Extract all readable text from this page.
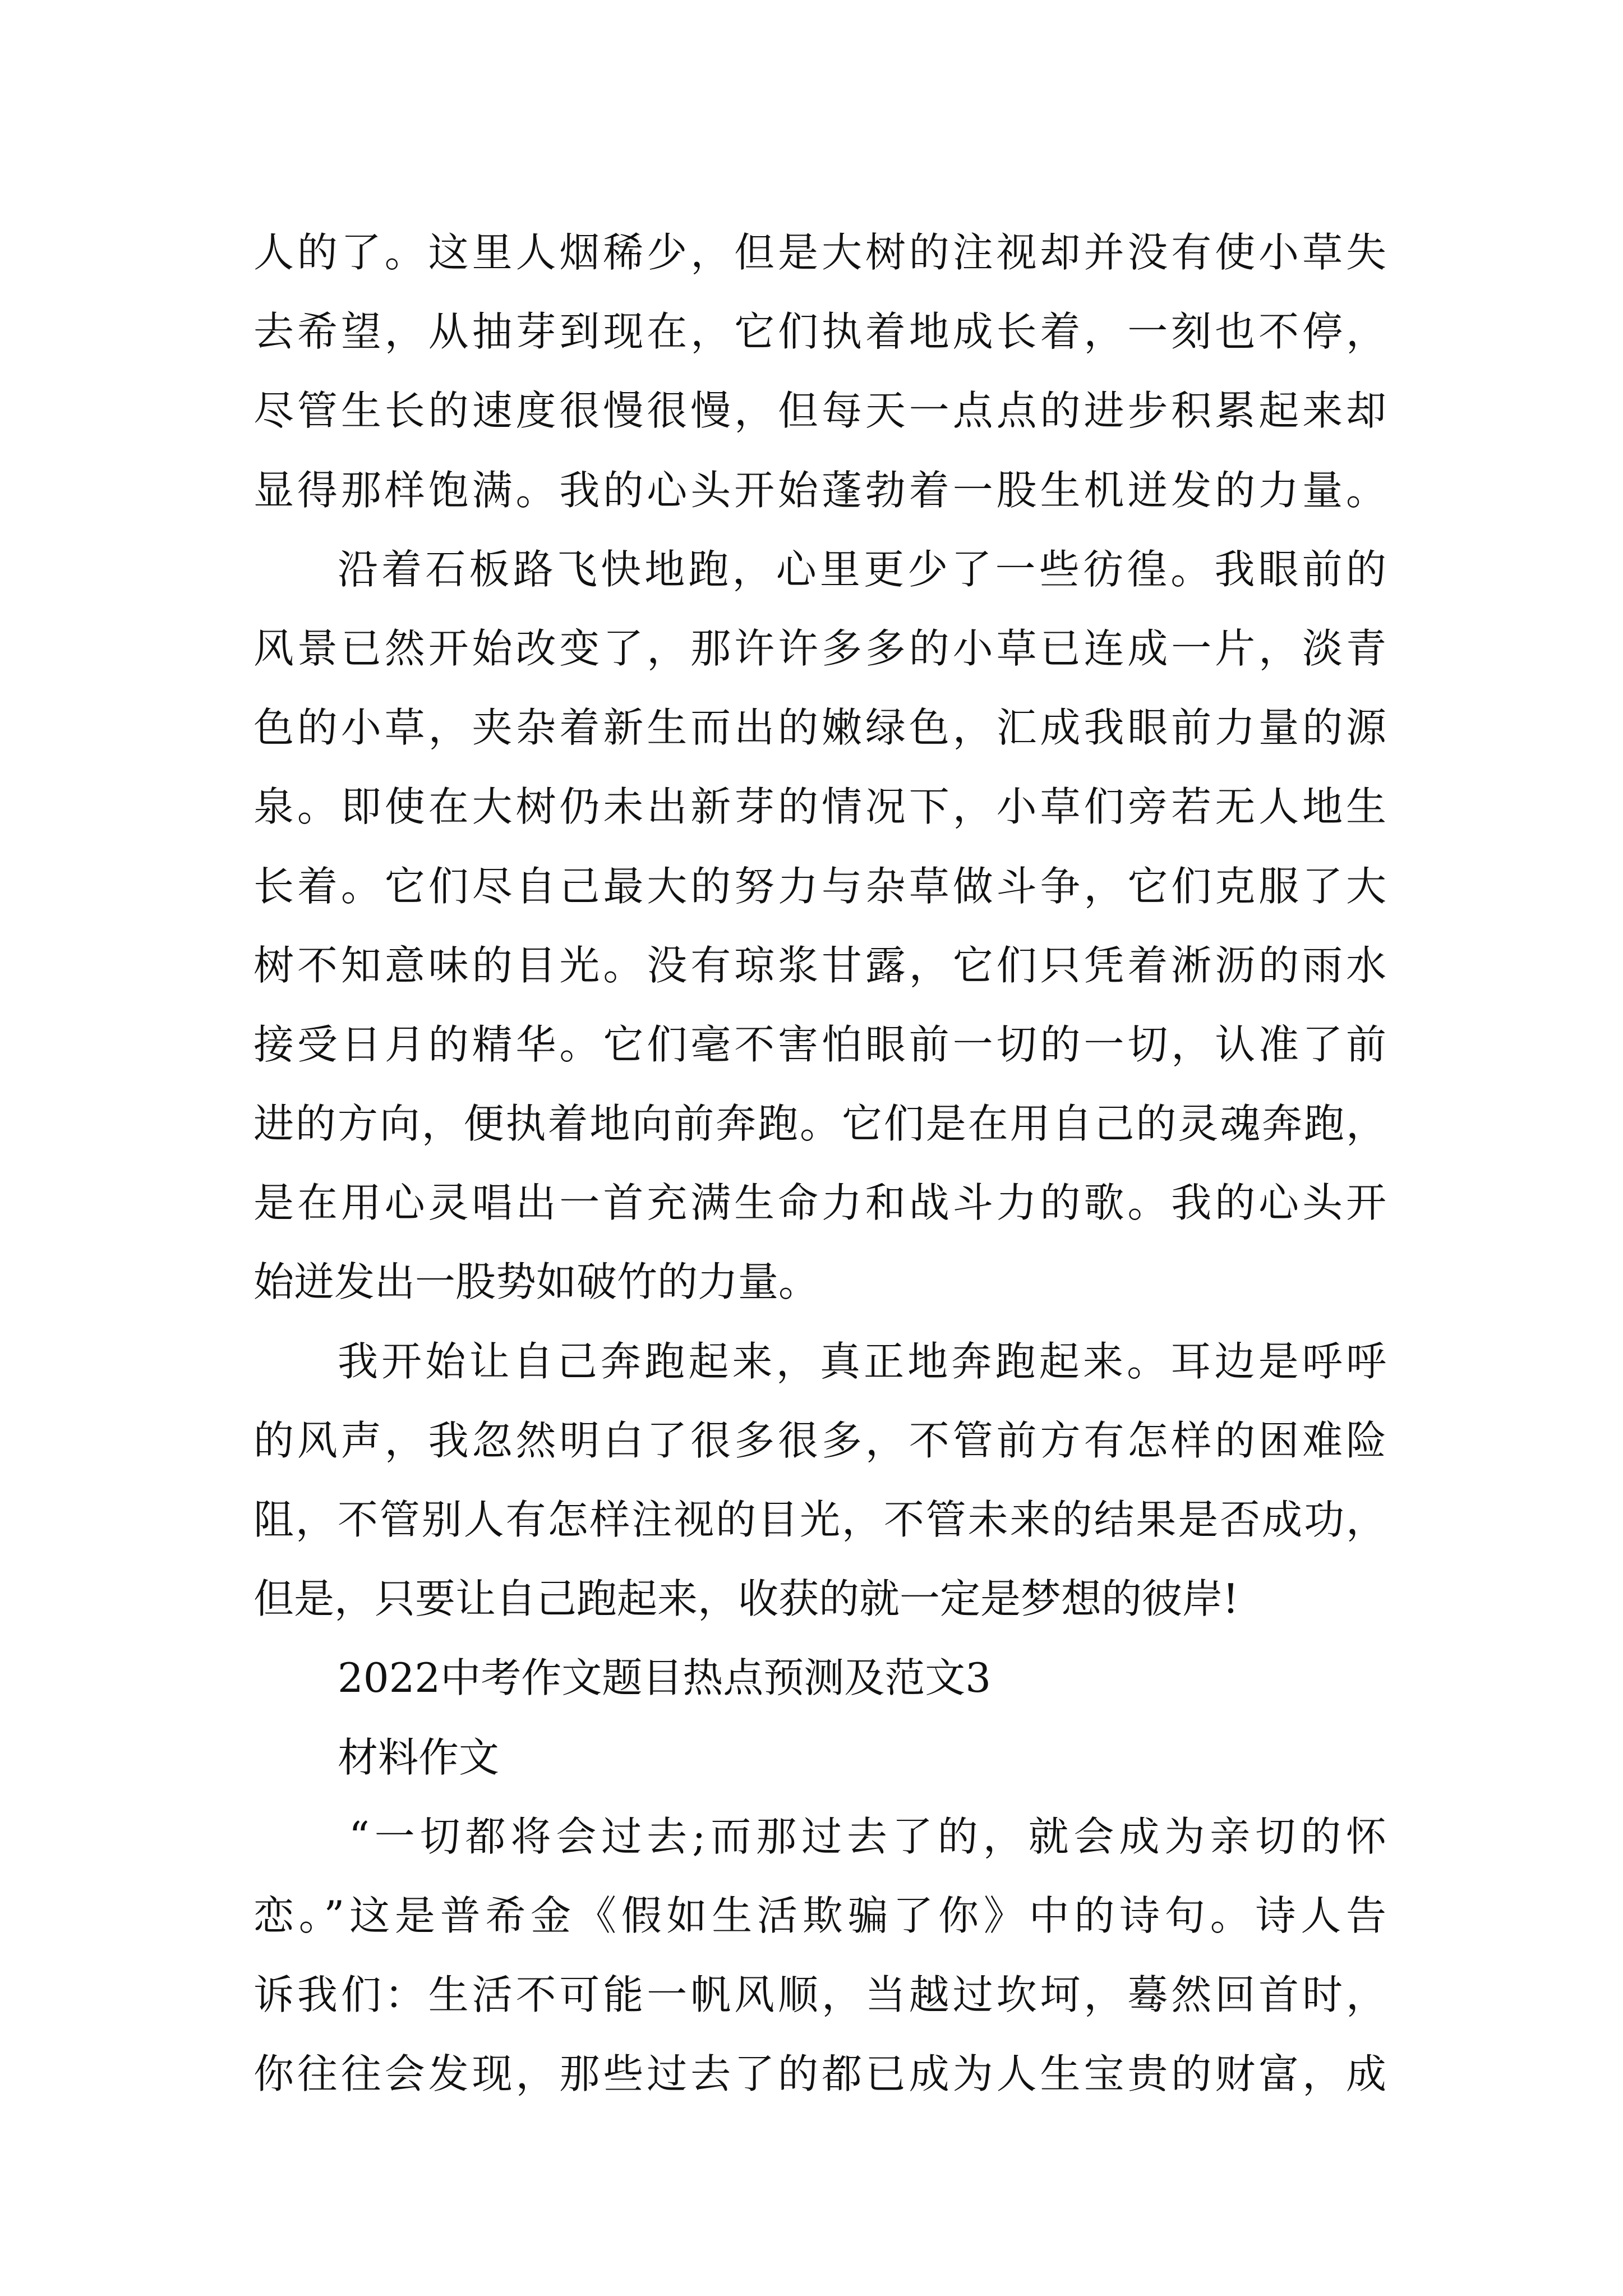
人的了。这里人烟稀少，但是大树的注视却并没有使小草失
去希望，从抽芽到现在，它们执着地成长着，一刻也不停，
尽管生长的速度很慢很慢，但每天一点点的进步积累起来却
显得那样饱满。我的心头开始蓬勃着一股生机迸发的力量。
沿着石板路飞快地跑，心里更少了一些彷徨。我眼前的
风景已然开始改变了，那许许多多的小草已连成一片，淡青
色的小草，夹杂着新生而出的嫩绿色，汇成我眼前力量的源
泉。即使在大树仍未出新芽的情况下，小草们旁若无人地生
长着。它们尽自己最大的努力与杂草做斗争，它们克服了大
树不知意味的目光。没有琼浆甘露，它们只凭着淅沥的雨水
接受日月的精华。它们毫不害怕眼前一切的一切，认准了前
进的方向，便执着地向前奔跑。它们是在用自己的灵魂奔跑，
是在用心灵唱出一首充满生命力和战斗力的歌。我的心头开
始迸发出一股势如破竹的力量。
我开始让自己奔跑起来，真正地奔跑起来。耳边是呼呼
的风声，我忽然明白了很多很多，不管前方有怎样的困难险
阻，不管别人有怎样注视的目光，不管未来的结果是否成功，
但是，只要让自己跑起来，收获的就一定是梦想的彼岸!
2022中考作文题目热点预测及范文3
材料作文
“一切都将会过去;而那过去了的，就会成为亲切的怀
恋。”这是普希金《假如生活欺骗了你》中的诗句。诗人告
诉我们：生活不可能一帆风顺，当越过坎坷，蓦然回首时，
你往往会发现，那些过去了的都已成为人生宝贵的财富，成
